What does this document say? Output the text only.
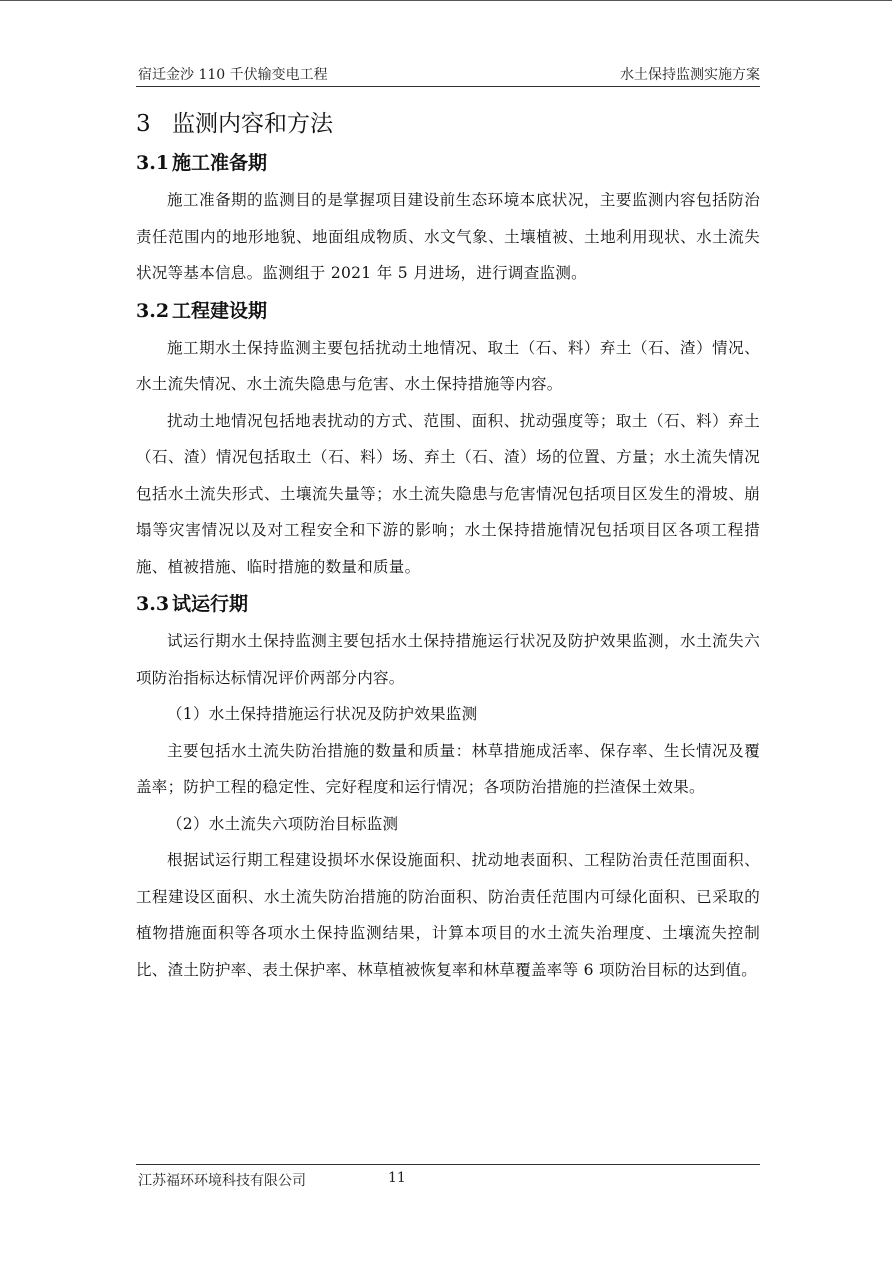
宿迁金沙 110 千伏输变电工程	水土保持监测实施方案
3 监测内容和方法
3.1 施工准备期

施工准备期的监测目的是掌握项目建设前生态环境本底状况，主要监测内容包括防治责任范围内的地形地貌、地面组成物质、水文气象、土壤植被、土地利用现状、水土流失状况等基本信息。监测组于 2021 年 5 月进场，进行调查监测。

3.2 工程建设期

施工期水土保持监测主要包括扰动土地情况、取土（石、料）弃土（石、渣）情况、水土流失情况、水土流失隐患与危害、水土保持措施等内容。

扰动土地情况包括地表扰动的方式、范围、面积、扰动强度等；取土（石、料）弃土（石、渣）情况包括取土（石、料）场、弃土（石、渣）场的位置、方量；水土流失情况包括水土流失形式、土壤流失量等；水土流失隐患与危害情况包括项目区发生的滑坡、崩塌等灾害情况以及对工程安全和下游的影响；水土保持措施情况包括项目区各项工程措施、植被措施、临时措施的数量和质量。

3.3 试运行期

试运行期水土保持监测主要包括水土保持措施运行状况及防护效果监测，水土流失六项防治指标达标情况评价两部分内容。

（1）水土保持措施运行状况及防护效果监测

主要包括水土流失防治措施的数量和质量：林草措施成活率、保存率、生长情况及覆盖率；防护工程的稳定性、完好程度和运行情况；各项防治措施的拦渣保土效果。

（2）水土流失六项防治目标监测

根据试运行期工程建设损坏水保设施面积、扰动地表面积、工程防治责任范围面积、工程建设区面积、水土流失防治措施的防治面积、防治责任范围内可绿化面积、已采取的植物措施面积等各项水土保持监测结果，计算本项目的水土流失治理度、土壤流失控制比、渣土防护率、表土保护率、林草植被恢复率和林草覆盖率等 6 项防治目标的达到值。

江苏福环环境科技有限公司	11
